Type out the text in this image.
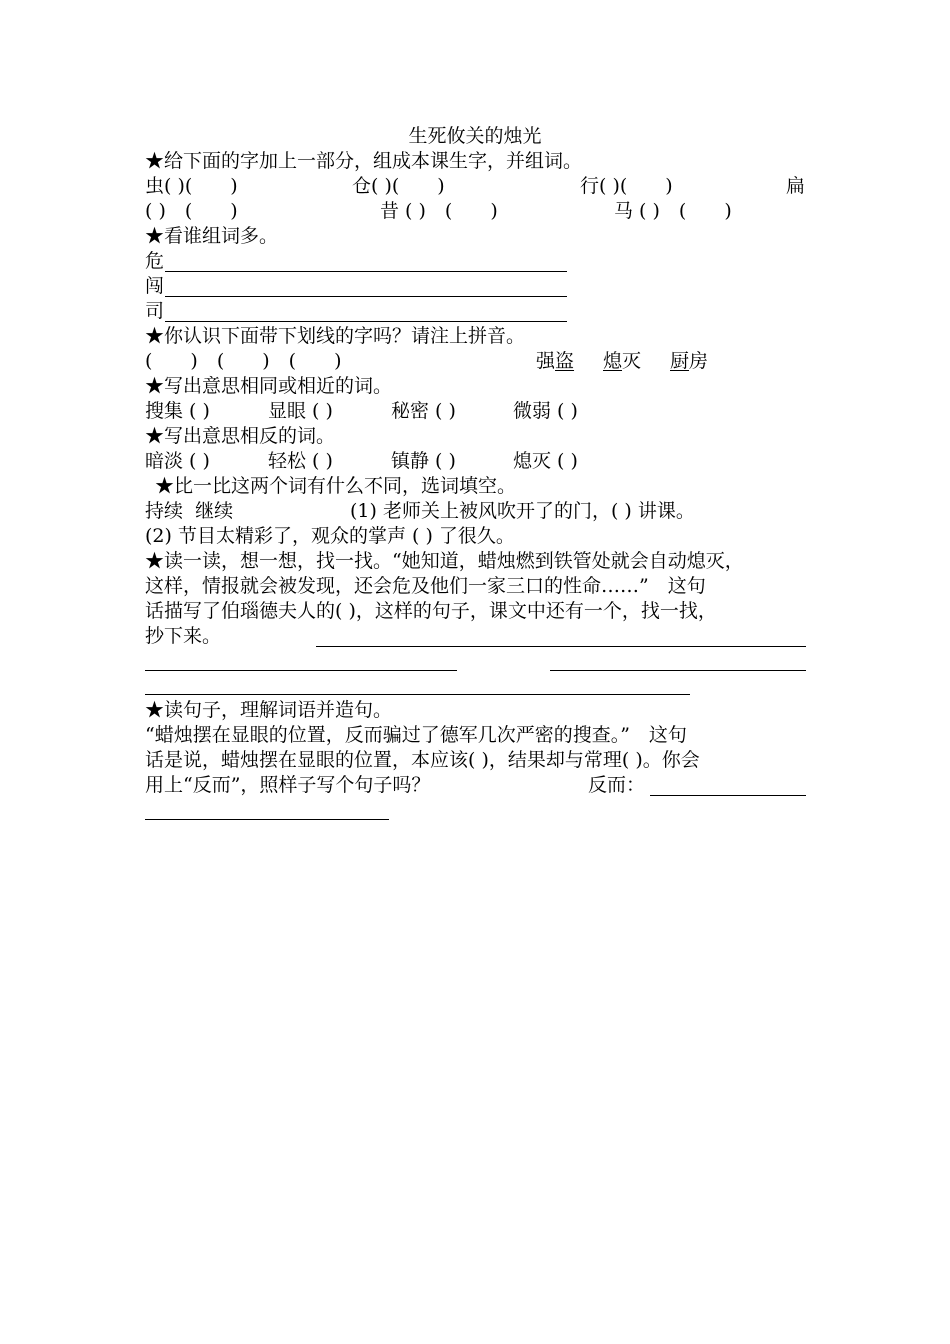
生死攸关的烛光
★给下面的字加上一部分，组成本课生字，并组词。
虫( )(　　)	仓( )(　　)	行( )(　　)	扁
( )　(　　)	昔 ( )　(　　)	马 ( )　(　　)
★看谁组词多。
危
闯
司
★你认识下面带下划线的字吗？请注上拼音。
(　　)　(　　)　(　　)	强盗 熄灭 厨房
★写出意思相同或相近的词。
搜集 ( )	显眼 ( )	秘密 ( )	微弱 ( )
★写出意思相反的词。
暗淡 ( )	轻松 ( )	镇静 ( )	熄灭 ( )
★比一比这两个词有什么不同，选词填空。
持续  继续	(1) 老师关上被风吹开了的门，( ) 讲课。
(2) 节目太精彩了，观众的掌声 ( ) 了很久。
★读一读，想一想，找一找。“她知道，蜡烛燃到铁管处就会自动熄灭，
这样，情报就会被发现，还会危及他们一家三口的性命……”　这句
话描写了伯瑙德夫人的( )，这样的句子，课文中还有一个，找一找，
抄下来。
★读句子，理解词语并造句。
“蜡烛摆在显眼的位置，反而骗过了德军几次严密的搜查。”　这句
话是说，蜡烛摆在显眼的位置，本应该( )，结果却与常理( )。你会
用上“反而”，照样子写个句子吗？	反而：
